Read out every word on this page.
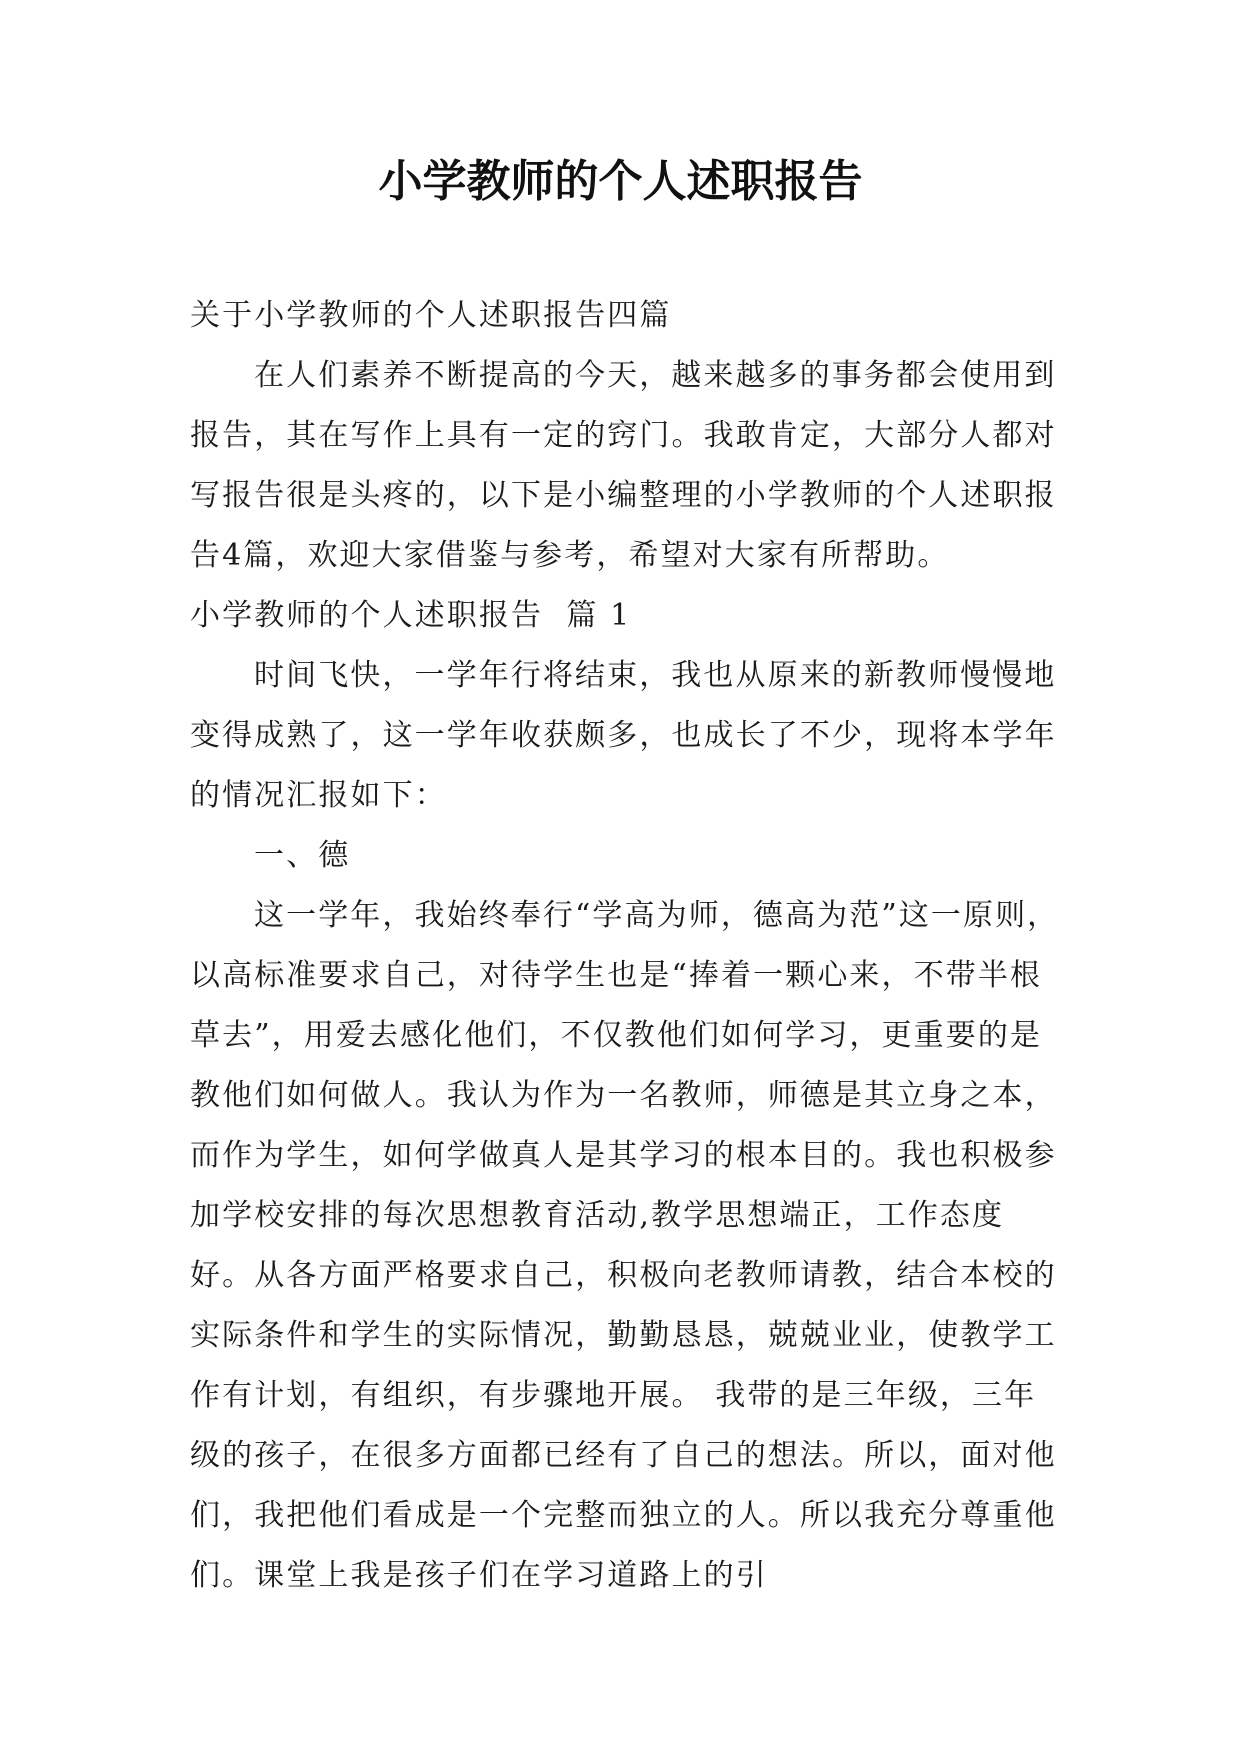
小学教师的个人述职报告

关于小学教师的个人述职报告四篇

在人们素养不断提高的今天，越来越多的事务都会使用到报告，其在写作上具有一定的窍门。我敢肯定，大部分人都对写报告很是头疼的，以下是小编整理的小学教师的个人述职报告4篇，欢迎大家借鉴与参考，希望对大家有所帮助。

小学教师的个人述职报告  篇 1

时间飞快，一学年行将结束，我也从原来的新教师慢慢地变得成熟了，这一学年收获颇多，也成长了不少，现将本学年的情况汇报如下：

一、德

这一学年，我始终奉行“学高为师，德高为范”这一原则，以高标准要求自己，对待学生也是“捧着一颗心来，不带半根草去”，用爱去感化他们，不仅教他们如何学习，更重要的是教他们如何做人。我认为作为一名教师，师德是其立身之本，而作为学生，如何学做真人是其学习的根本目的。我也积极参加学校安排的每次思想教育活动,教学思想端正，工作态度好。从各方面严格要求自己，积极向老教师请教，结合本校的实际条件和学生的实际情况，勤勤恳恳，兢兢业业，使教学工作有计划，有组织，有步骤地开展。 我带的是三年级，三年级的孩子，在很多方面都已经有了自己的想法。所以，面对他们，我把他们看成是一个完整而独立的人。所以我充分尊重他们。课堂上我是孩子们在学习道路上的引
